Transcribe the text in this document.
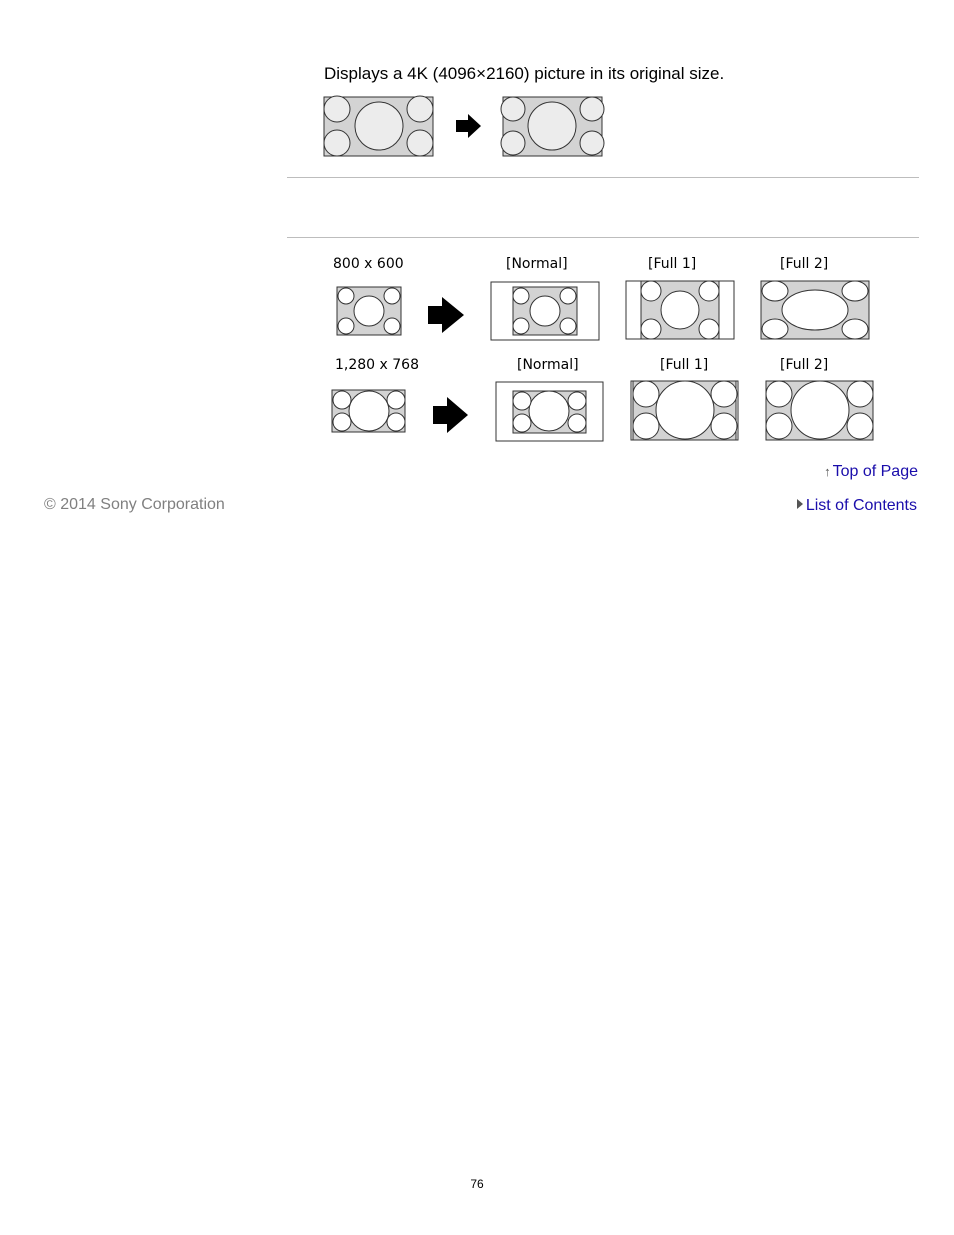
Displays a 4K (4096×2160) picture in its original size.
800 x 600	[Normal]	[Full 1]	[Full 2]
1,280 x 768	[Normal]	[Full 1]	[Full 2]
↑ Top of Page
List of Contents
© 2014 Sony Corporation
76
